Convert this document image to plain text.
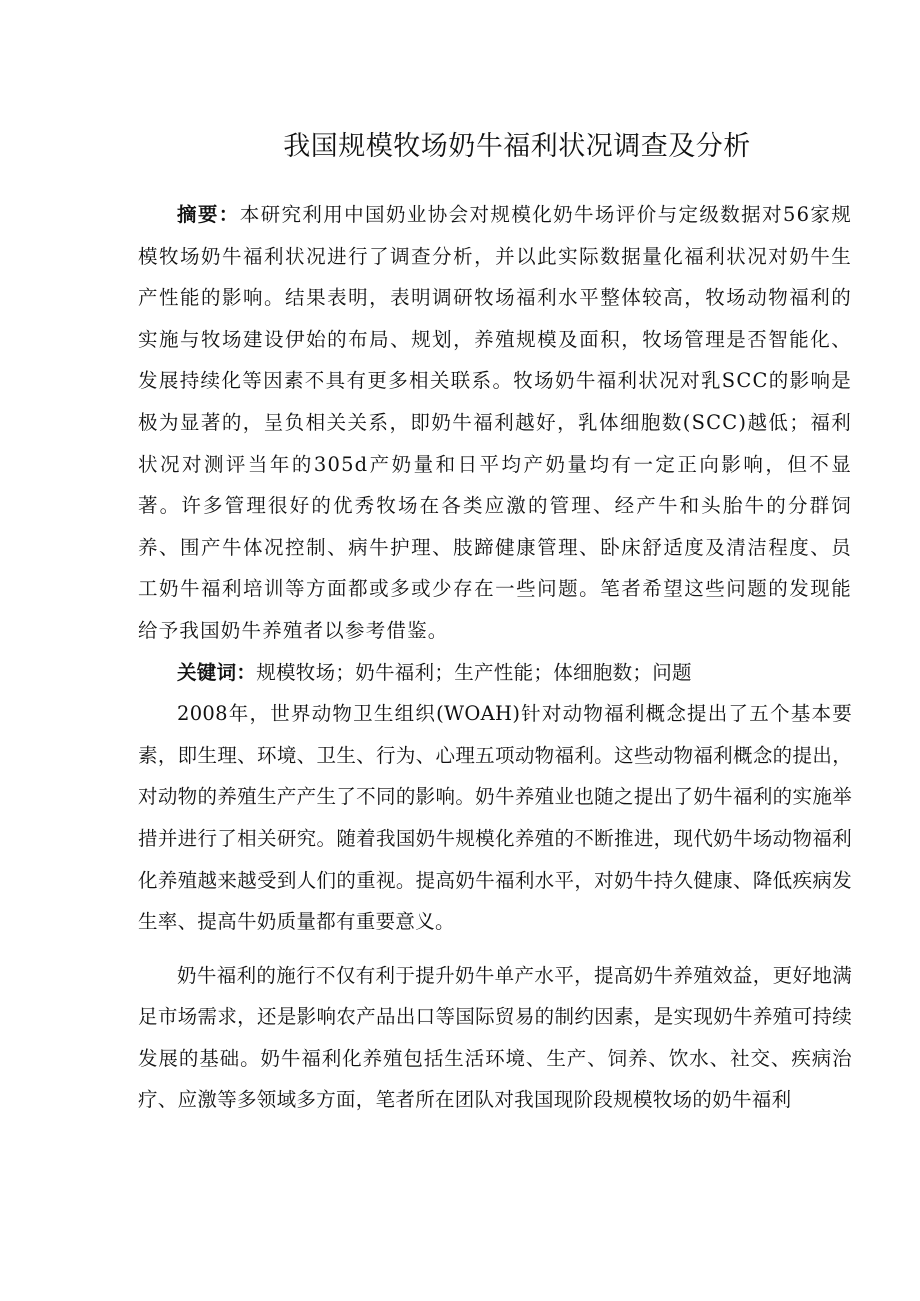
我国规模牧场奶牛福利状况调查及分析

摘要：本研究利用中国奶业协会对规模化奶牛场评价与定级数据对56家规模牧场奶牛福利状况进行了调查分析，并以此实际数据量化福利状况对奶牛生产性能的影响。结果表明，表明调研牧场福利水平整体较高，牧场动物福利的实施与牧场建设伊始的布局、规划，养殖规模及面积，牧场管理是否智能化、发展持续化等因素不具有更多相关联系。牧场奶牛福利状况对乳SCC的影响是极为显著的，呈负相关关系，即奶牛福利越好，乳体细胞数(SCC)越低；福利状况对测评当年的305d产奶量和日平均产奶量均有一定正向影响，但不显著。许多管理很好的优秀牧场在各类应激的管理、经产牛和头胎牛的分群饲养、围产牛体况控制、病牛护理、肢蹄健康管理、卧床舒适度及清洁程度、员工奶牛福利培训等方面都或多或少存在一些问题。笔者希望这些问题的发现能给予我国奶牛养殖者以参考借鉴。

关键词：规模牧场；奶牛福利；生产性能；体细胞数；问题

2008年，世界动物卫生组织(WOAH)针对动物福利概念提出了五个基本要素，即生理、环境、卫生、行为、心理五项动物福利。这些动物福利概念的提出，对动物的养殖生产产生了不同的影响。奶牛养殖业也随之提出了奶牛福利的实施举措并进行了相关研究。随着我国奶牛规模化养殖的不断推进，现代奶牛场动物福利化养殖越来越受到人们的重视。提高奶牛福利水平，对奶牛持久健康、降低疾病发生率、提高牛奶质量都有重要意义。

奶牛福利的施行不仅有利于提升奶牛单产水平，提高奶牛养殖效益，更好地满足市场需求，还是影响农产品出口等国际贸易的制约因素，是实现奶牛养殖可持续发展的基础。奶牛福利化养殖包括生活环境、生产、饲养、饮水、社交、疾病治疗、应激等多领域多方面，笔者所在团队对我国现阶段规模牧场的奶牛福利
